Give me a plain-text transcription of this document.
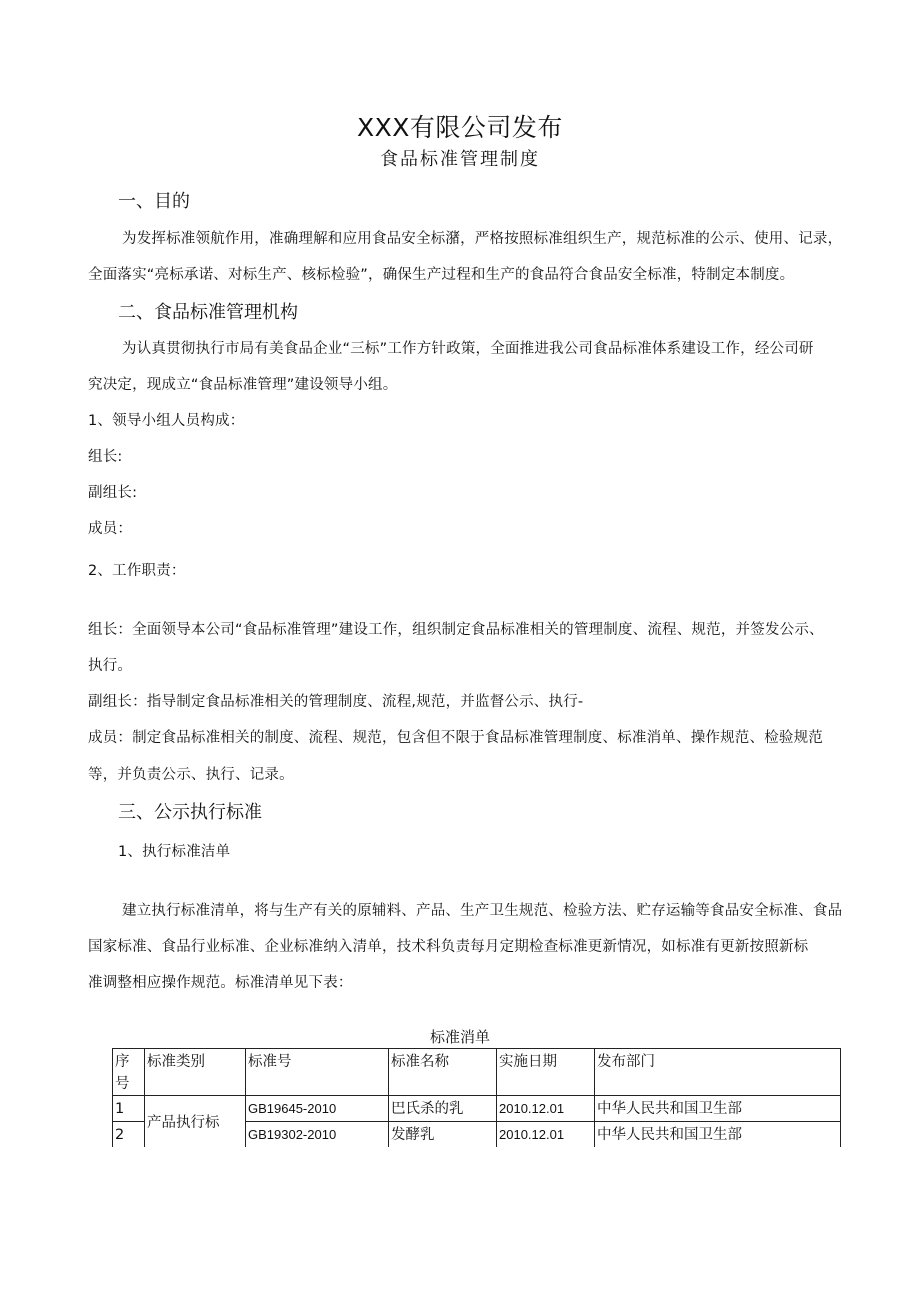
XXX有限公司发布
食品标准管理制度
一、目的
为发挥标准领航作用，准确理解和应用食品安全标潴，严格按照标准组织生产，规范标准的公示、使用、记录，
全面落实“亮标承诺、对标生产、核标检验”，确保生产过程和生产的食品符合食品安全标准，特制定本制度。
二、食品标准管理机构
为认真贯彻执行市局有美食品企业“三标”工作方针政策，全面推进我公司食品标准体系建设工作，经公司研
究决定，现成立“食品标准管理”建设领导小组。
1、领导小组人员构成：
组长:
副组长:
成员：
2、工作职责：
组长：全面领导本公司“食品标准管理”建设工作，组织制定食品标准相关的管理制度、流程、规范，并签发公示、
执行。
副组长：指导制定食品标准相关的管理制度、流程,规范，并监督公示、执行-
成员：制定食品标准相关的制度、流程、规范，包含但不限于食品标准管理制度、标准消单、操作规范、检验规范
等，并负责公示、执行、记录。
三、公示执行标准
1、执行标准洁单
建立执行标准清单，将与生产有关的原辅料、产品、生产卫生规范、检验方法、贮存运输等食品安全标准、食品
国家标准、食品行业标准、企业标准纳入清单，技术科负责每月定期检查标准更新情况，如标准有更新按照新标
准调整相应操作规范。标准清单见下表：
标准消单
序
号	标准类别	标准号	标准名称	实施日期	发布部门
1	产品执行标	GB19645-2010	巴氏杀的乳	2010.12.01	中华人民共和国卫生部
2		GB19302-2010	发酵乳	2010.12.01	中华人民共和国卫生部
